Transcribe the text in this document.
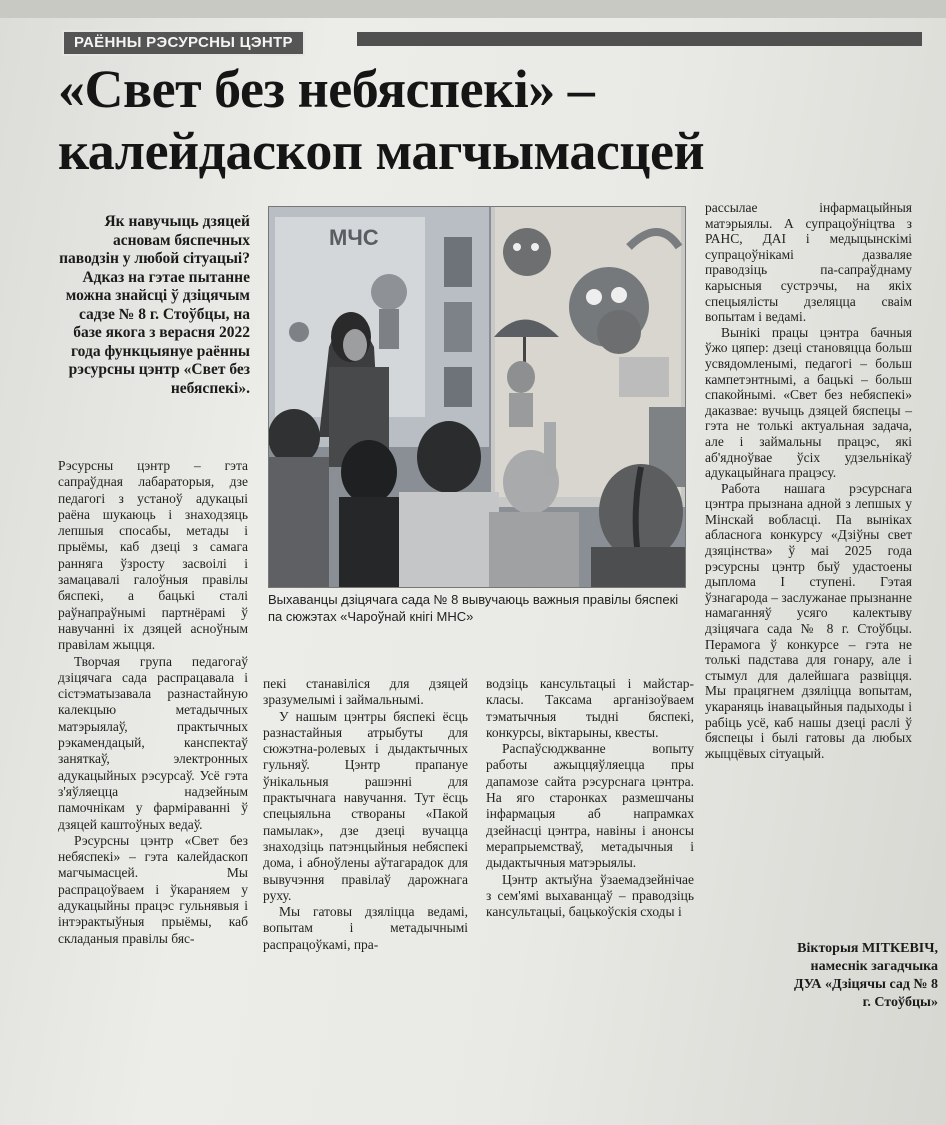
РАЁННЫ РЭСУРСНЫ ЦЭНТР
«Свет без небяспекі» –
калейдаскоп магчымасцей
Як навучыць дзяцей асновам бяспечных паводзін у любой сітуацыі? Адказ на гэтае пытанне можна знайсці ў дзіцячым садзе № 8 г. Стоўбцы, на базе якога з верасня 2022 года функцыянуе раённы рэсурсны цэнтр «Свет без небяспекі».
МЧС
Выхаванцы дзіцячага сада № 8 вывучаюць важныя правілы бяспекі па сюжэтах «Чароўнай кнігі МНС»

Рэсурсны цэнтр – гэта сапраўдная лабараторыя, дзе педагогі з устаноў адукацыі раёна шукаюць і знаходзяць лепшыя спосабы, метады і прыёмы, каб дзеці з самага ранняга ўзросту засвоілі і замацавалі галоўныя правілы бяспекі, а бацькі сталі раўнапраўнымі партнёрамі ў навучанні іх дзяцей асноўным правілам жыцця.

Творчая група педагогаў дзіцячага сада распрацавала і сістэматызавала разнастайную калекцыю метадычных матэрыялаў, практычных рэкамендацый, канспектаў заняткаў, электронных адукацыйных рэсурсаў. Усё гэта з'яўляецца надзейным памочнікам у фарміраванні ў дзяцей каштоўных ведаў.

Рэсурсны цэнтр «Свет без небяспекі» – гэта калейдаскоп магчымасцей. Мы распрацоўваем і ўкараняем у адукацыйны працэс гульнявыя і інтэрактыўныя прыёмы, каб складаныя правілы бяс-

пекі станавіліся для дзяцей зразумелымі і займальнымі.

У нашым цэнтры бяспекі ёсць разнастайныя атрыбуты для сюжэтна-ролевых і дыдактычных гульняў. Цэнтр прапануе ўнікальныя рашэнні для практычнага навучання. Тут ёсць спецыяльна створаны «Пакой памылак», дзе дзеці вучацца знаходзіць патэнцыйныя небяспекі дома, і абноўлены аўтагарадок для вывучэння правілаў дарожнага руху.

Мы гатовы дзяліцца ведамі, вопытам і метадычнымі распрацоўкамі, пра-

водзіць кансультацыі і майстар-класы. Таксама арганізоўваем тэматычныя тыдні бяспекі, конкурсы, віктарыны, квесты.

Распаўсюджванне вопыту работы ажыццяўляецца пры дапамозе сайта рэсурснага цэнтра. На яго старонках размешчаны інфармацыя аб напрамках дзейнасці цэнтра, навіны і анонсы мерапрыемстваў, метадычныя і дыдактычныя матэрыялы.

Цэнтр актыўна ўзаемадзейнічае з сем'ямі выхаванцаў – праводзіць кансультацыі, бацькоўскія сходы і

рассылае інфармацыйныя матэрыялы. А супрацоўніцтва з РАНС, ДАІ і медыцынскімі супрацоўнікамі дазваляе праводзіць па-сапраўднаму карысныя сустрэчы, на якіх спецыялісты дзеляцца сваім вопытам і ведамі.

Вынікі працы цэнтра бачныя ўжо цяпер: дзеці становяцца больш усвядомленымі, педагогі – больш кампетэнтнымі, а бацькі – больш спакойнымі. «Свет без небяспекі» даказвае: вучыць дзяцей бяспецы – гэта не толькі актуальная задача, але і займальны працэс, які аб'ядноўвае ўсіх удзельнікаў адукацыйнага працэсу.

Работа нашага рэсурснага цэнтра прызнана адной з лепшых у Мінскай вобласці. Па выніках абласнога конкурсу «Дзіўны свет дзяцінства» ў маі 2025 года рэсурсны цэнтр быў удастоены дыплома I ступені. Гэтая ўзнагарода – заслужанае прызнанне намаганняў усяго калектыву дзіцячага сада № 8 г. Стоўбцы. Перамога ў конкурсе – гэта не толькі падстава для гонару, але і стымул для далейшага развіцця. Мы працягнем дзяліцца вопытам, укараняць інавацыйныя падыходы і рабіць усё, каб нашы дзеці раслі ў бяспецы і былі гатовы да любых жыццёвых сітуацый.

Вікторыя МІТКЕВІЧ,
намеснік загадчыка
ДУА «Дзіцячы сад № 8
г. Стоўбцы»
